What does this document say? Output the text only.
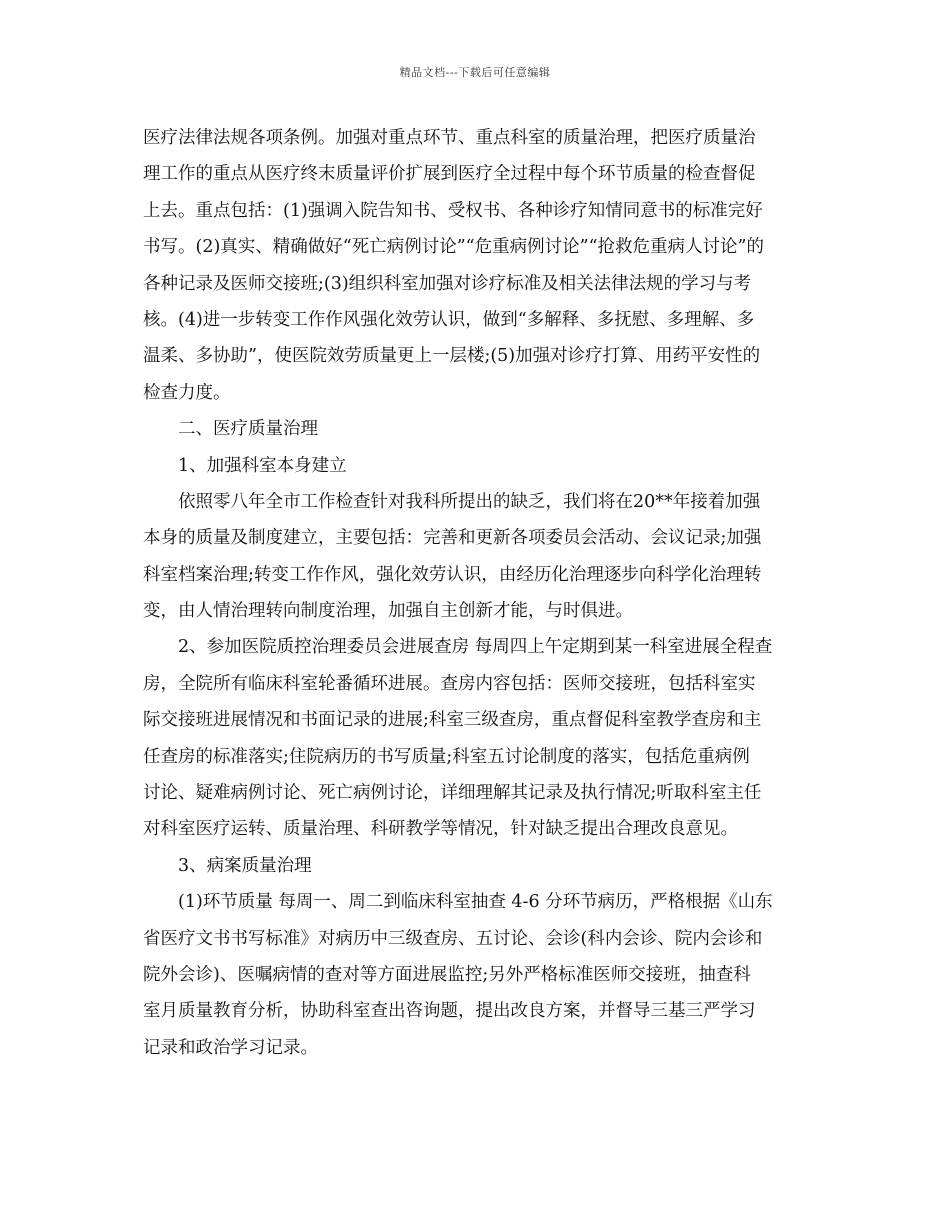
精品文档---下载后可任意编辑
医疗法律法规各项条例。加强对重点环节、重点科室的质量治理，把医疗质量治
理工作的重点从医疗终末质量评价扩展到医疗全过程中每个环节质量的检查督促
上去。重点包括：(1)强调入院告知书、受权书、各种诊疗知情同意书的标准完好
书写。(2)真实、精确做好“死亡病例讨论”“危重病例讨论”“抢救危重病人讨论”的
各种记录及医师交接班;(3)组织科室加强对诊疗标准及相关法律法规的学习与考
核。(4)进一步转变工作作风强化效劳认识，做到“多解释、多抚慰、多理解、多
温柔、多协助”，使医院效劳质量更上一层楼;(5)加强对诊疗打算、用药平安性的
检查力度。
二、医疗质量治理
1、加强科室本身建立
依照零八年全市工作检查针对我科所提出的缺乏，我们将在20**年接着加强
本身的质量及制度建立，主要包括：完善和更新各项委员会活动、会议记录;加强
科室档案治理;转变工作作风，强化效劳认识，由经历化治理逐步向科学化治理转
变，由人情治理转向制度治理，加强自主创新才能，与时俱进。
2、参加医院质控治理委员会进展查房 每周四上午定期到某一科室进展全程查
房，全院所有临床科室轮番循环进展。查房内容包括：医师交接班，包括科室实
际交接班进展情况和书面记录的进展;科室三级查房，重点督促科室教学查房和主
任查房的标准落实;住院病历的书写质量;科室五讨论制度的落实，包括危重病例
讨论、疑难病例讨论、死亡病例讨论，详细理解其记录及执行情况;听取科室主任
对科室医疗运转、质量治理、科研教学等情况，针对缺乏提出合理改良意见。
3、病案质量治理
(1)环节质量 每周一、周二到临床科室抽查 4-6 分环节病历，严格根据《山东
省医疗文书书写标准》对病历中三级查房、五讨论、会诊(科内会诊、院内会诊和
院外会诊)、医嘱病情的查对等方面进展监控;另外严格标准医师交接班，抽查科
室月质量教育分析，协助科室查出咨询题，提出改良方案，并督导三基三严学习
记录和政治学习记录。
